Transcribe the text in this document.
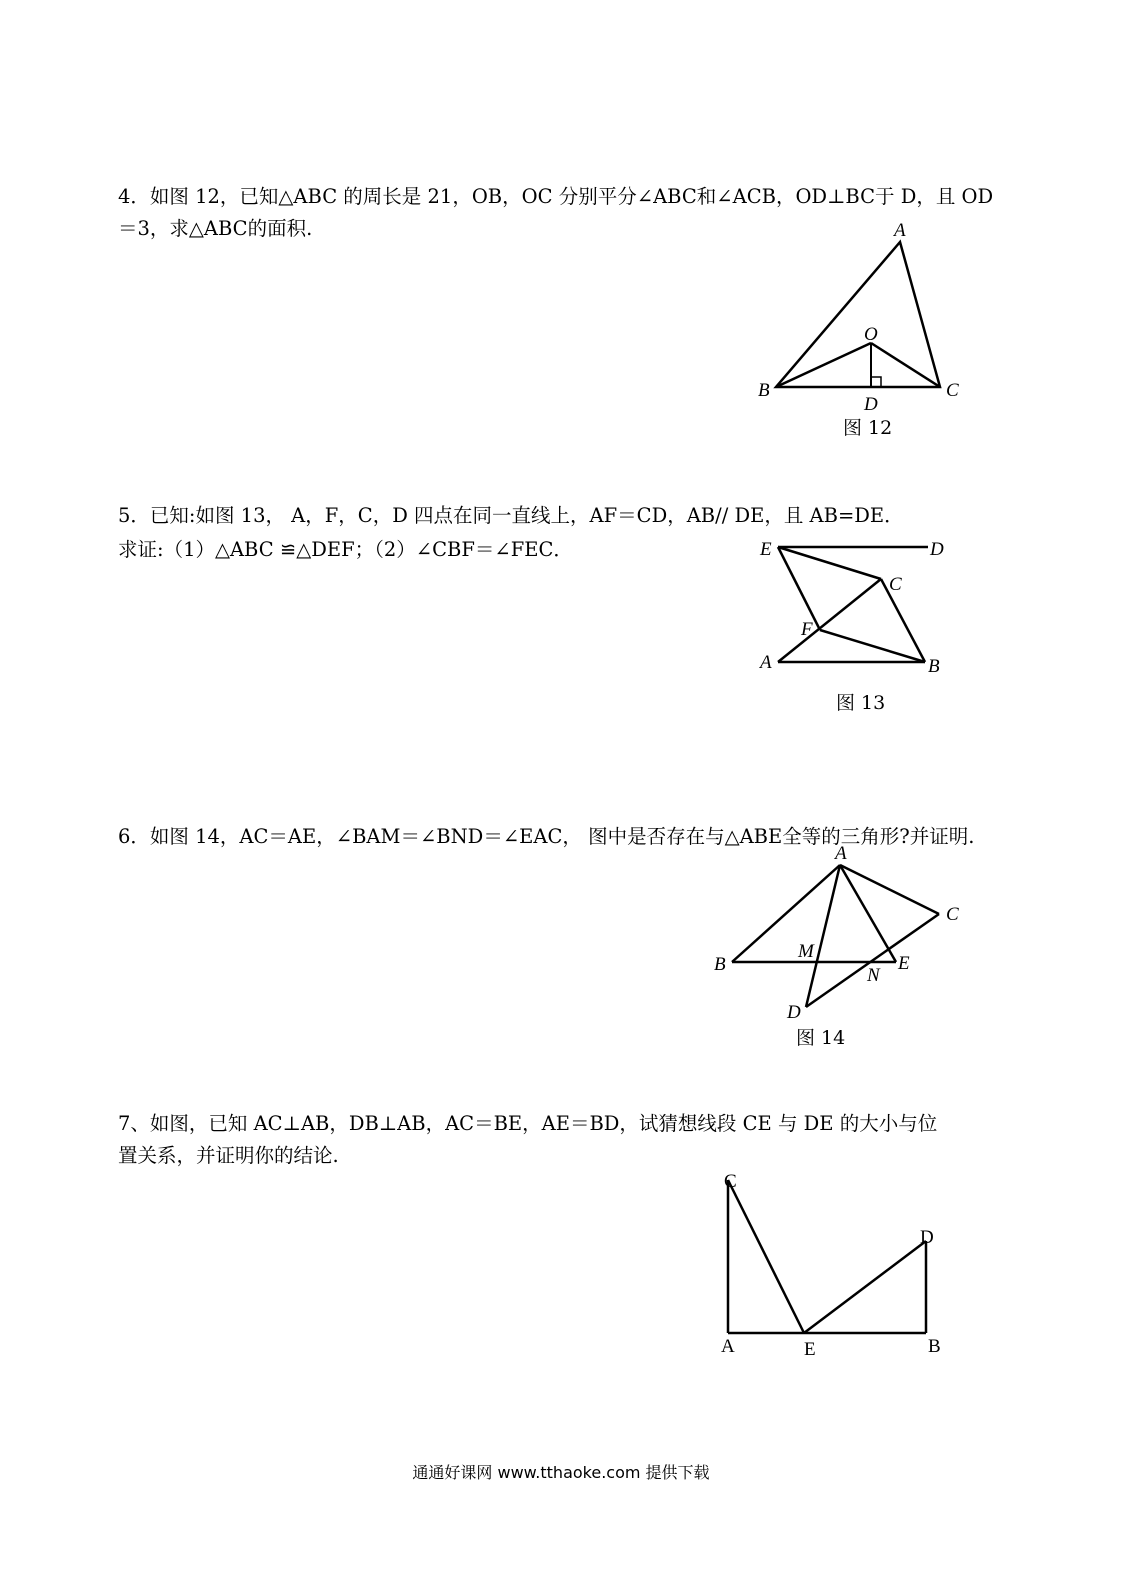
4．如图 12，已知△ABC 的周长是 21，OB，OC 分别平分∠ABC和∠ACB，OD⊥BC于 D，且 OD
＝3，求△ABC的面积.	A
O
B	C
D
图 12
5．已知:如图 13， A，F，C，D 四点在同一直线上，AF＝CD，AB// DE，且 AB=DE．
求证:（1）△ABC ≌△DEF；（2）∠CBF＝∠FEC．	E	D
C
F
A	B
图 13
6．如图 14，AC＝AE，∠BAM＝∠BND＝∠EAC， 图中是否存在与△ABE全等的三角形?并证明.
A
C
M
B
N
E
D
图 14
7、如图，已知 AC⊥AB，DB⊥AB，AC＝BE，AE＝BD，试猜想线段 CE 与 DE 的大小与位
置关系，并证明你的结论.
C
D
A	E	B
通通好课网 www.tthaoke.com 提供下载
